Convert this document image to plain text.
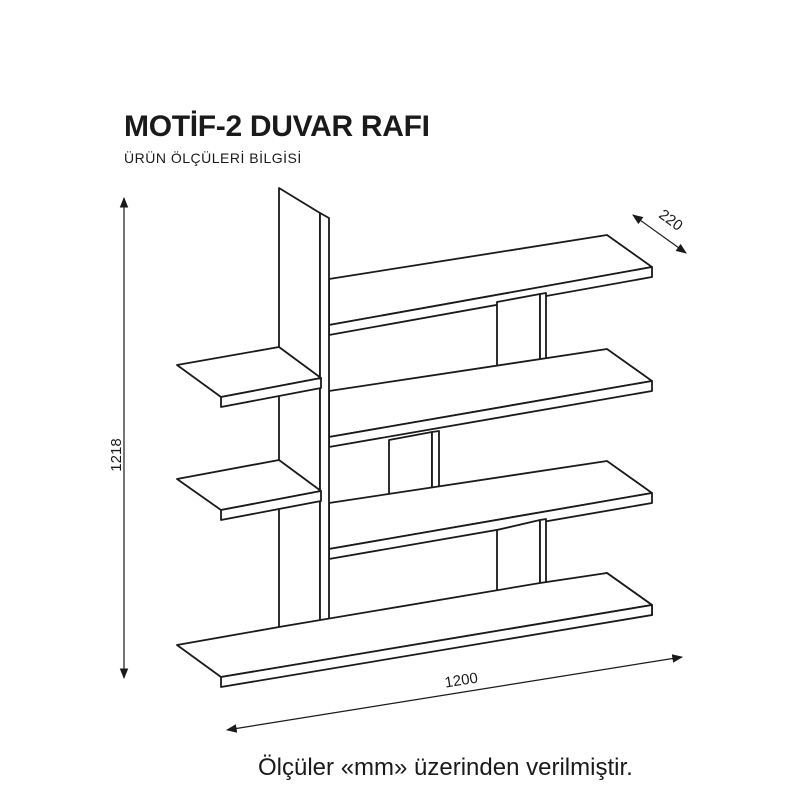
MOTİF-2 DUVAR RAFI
ÜRÜN ÖLÇÜLERİ BİLGİSİ
1218
1200
220
Ölçüler «mm» üzerinden verilmiştir.
